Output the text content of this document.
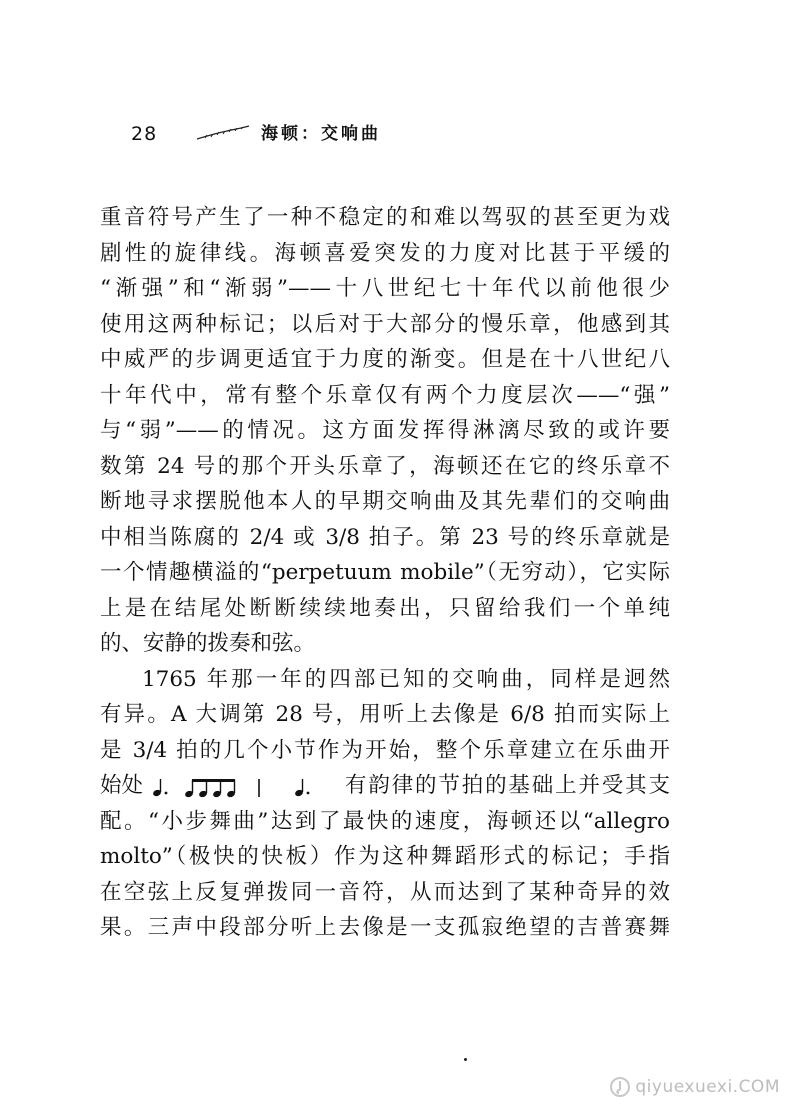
28	海顿：交响曲
重音符号产生了一种不稳定的和难以驾驭的甚至更为戏
剧性的旋律线。海顿喜爱突发的力度对比甚于平缓的
“渐强”和“渐弱”——十八世纪七十年代以前他很少
使用这两种标记；以后对于大部分的慢乐章，他感到其
中威严的步调更适宜于力度的渐变。但是在十八世纪八
十年代中，常有整个乐章仅有两个力度层次——“强”
与“弱”——的情况。这方面发挥得淋漓尽致的或许要
数第 24 号的那个开头乐章了，海顿还在它的终乐章不
断地寻求摆脱他本人的早期交响曲及其先辈们的交响曲
中相当陈腐的 2/4 或 3/8 拍子。第 23 号的终乐章就是
一个情趣横溢的“perpetuum mobile”（无穷动），它实际
上是在结尾处断断续续地奏出，只留给我们一个单纯
的、安静的拨奏和弦。
1765 年那一年的四部已知的交响曲，同样是迥然
有异。A 大调第 28 号，用听上去像是 6/8 拍而实际上
是 3/4 拍的几个小节作为开始，整个乐章建立在乐曲开
始处	有韵律的节拍的基础上并受其支
配。“小步舞曲”达到了最快的速度，海顿还以“allegro
molto”（极快的快板）作为这种舞蹈形式的标记；手指
在空弦上反复弹拨同一音符，从而达到了某种奇异的效
果。三声中段部分听上去像是一支孤寂绝望的吉普赛舞
qiyuexuexi.COM
